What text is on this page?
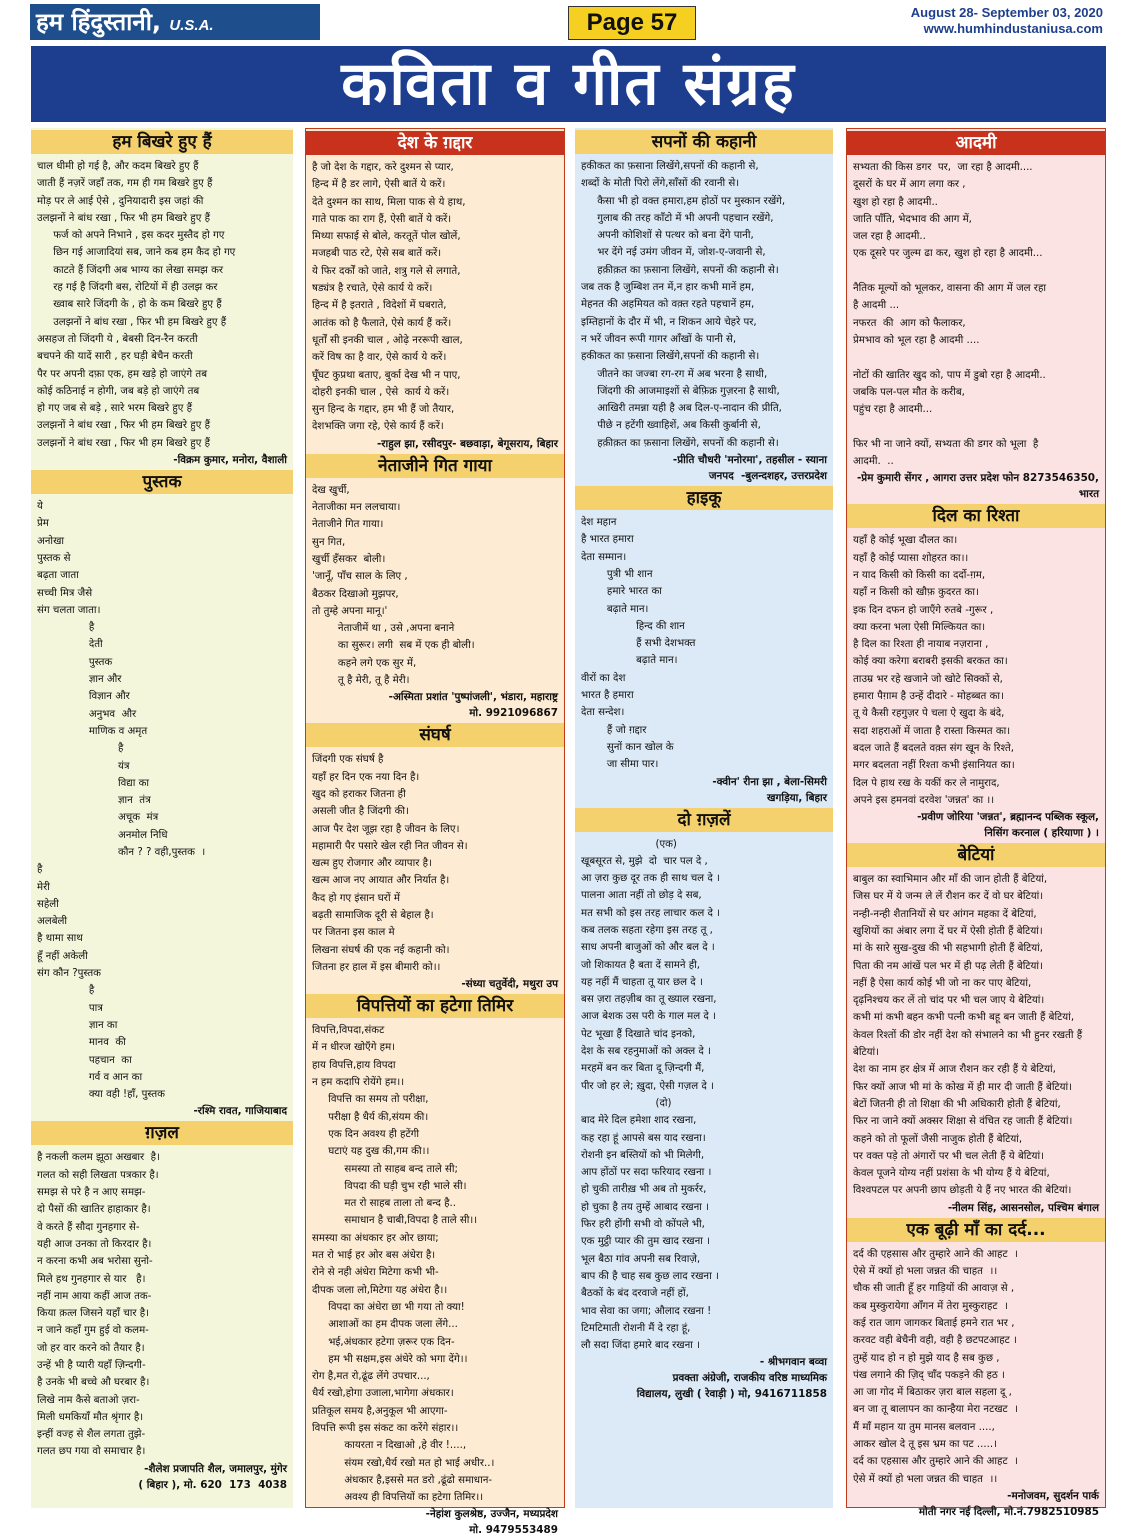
हम हिंदुस्तानी, U.S.A.	Page 57	August 28- September 03, 2020
www.humhindustaniusa.com
कविता व गीत संग्रह
हम बिखरे हुए हैं

चाल धीमी हो गई है, और कदम बिखरे हुए हैं
जाती हैं नज़रें जहाँ तक, गम ही गम बिखरे हुए हैं
मोड़ पर ले आई ऐसे , दुनियादारी इस जहां की
उलझनों ने बांध रखा , फिर भी हम बिखरे हुए हैं
फर्ज को अपने निभाने , इस कदर मुस्तैद हो गए
छिन गई आजादियां सब, जाने कब हम कैद हो गए
काटते हैं जिंदगी अब भाग्य का लेखा समझ कर
रह गई है जिंदगी बस, रोटियों में ही उलझ कर
ख्वाब सारे जिंदगी के , हो के कम बिखरे हुए हैं
उलझनों ने बांध रखा , फिर भी हम बिखरे हुए हैं
असहज तो जिंदगी ये , बेबसी दिन-रैन करती
बचपने की यादें सारी , हर घड़ी बेचैन करती
पैर पर अपनी दफ़ा एक, हम खड़े हो जाएंगे तब
कोई कठिनाई न होगी, जब बड़े हो जाएंगे तब
हो गए जब से बड़े , सारे भरम बिखरे हुए हैं
उलझनों ने बांध रखा , फिर भी हम बिखरे हुए हैं
उलझनों ने बांध रखा , फिर भी हम बिखरे हुए हैं

-विक्रम कुमार, मनोरा, वैशाली

पुस्तक

ये
प्रेम
अनोखा
पुस्तक से
बढ़ता जाता
सच्ची मित्र जैसे
संग चलता जाता।
है
देती
पुस्तक
ज्ञान और
विज्ञान और
अनुभव  और
माणिक व अमृत
है
यंत्र
विद्या का
ज्ञान  तंत्र
अचूक  मंत्र
अनमोल निधि
कौन ? ? वही,पुस्तक  ।
है
मेरी
सहेली
अलबेली
है थामा साथ
हूँ नहीं अकेली
संग कौन ?पुस्तक
है
पात्र
ज्ञान का
मानव  की
पहचान  का
गर्व व आन का
क्या वही !हाँ, पुस्तक

-रश्मि रावत, गाजियाबाद

ग़ज़ल

है नकली कलम झूठा अखबार  है।
गलत को सही लिखता पत्रकार है।
समझ से परे है न आए समझ-
दो पैसों की खातिर हाहाकार है।
वे करते हैं सौदा गुनहगार से-
यही आज उनका तो किरदार है।
न करना कभी अब भरोसा सुनो-
मिले हथ गुनहगार से यार   है।
नहीं नाम आया कहीं आज तक-
किया क़त्ल जिसने यहाँ चार है।
न जाने कहाँ गुम हुई वो कलम-
जो हर वार करने को तैयार है।
उन्हें भी है प्यारी यहाँ ज़िन्दगी-
है उनके भी बच्चे औ घरबार है।
लिखे नाम कैसे बताओ ज़रा-
मिली धमकियाँ मौत श्रृंगार है।
इन्हीं वज्ह से शैल लगता तुझे-
गलत छप गया वो समाचार है।

-शैलेश प्रजापति शैल, जमालपुर, मुंगेर
( बिहार ), मो. 620  173  4038

देश के ग़द्दार

है जो देश के गद्दार, करे दुश्मन से प्यार,
हिन्द में है डर लागे, ऐसी बातें ये करें।
देते दुश्मन का साथ, मिला पाक से ये हाथ,
गाते पाक का राग हैं, ऐसी बातें ये करें।
मिथ्या सफाई से बोले, करतूतें पोल खोलें,
मजहबी पाठ रटे, ऐसे सब बातें करें।
ये फिर दर्कों को जाते, शत्रु गले से लगाते,
षड्यंत्र है रचाते, ऐसे कार्य ये करें।
हिन्द में है इतराते , विदेशों में घबराते,
आतंक को है फैलाते, ऐसे कार्य हैं करें।
धूर्तों सी इनकी चाल , ओढ़े नररूपी खाल,
करें विष का है वार, ऐसे कार्य ये करें।
घूँघट कुप्रथा बताए, बुर्का देख भी न पाए,
दोहरी इनकी चाल , ऐसे  कार्य ये करें।
सुन हिन्द के गद्दार, हम भी हैं जो तैयार,
देशभक्ति जगा रहे, ऐसे कार्य हैं करें।

-राहुल झा, रसीदपुर- बछवाड़ा, बेगूसराय, बिहार

नेताजीने गित गाया

देख खुर्ची,
नेताजीका मन ललचाया।
नेताजीने गित गाया।
सुन गित,
खुर्ची हँसकर  बोली।
'जानूँ, पाँच साल के लिए ,
बैठकर दिखाओ मुझपर,
तो तुम्हे अपना मानू।'
नेताजीमें था , उसे ,अपना बनाने
का सुरूर। लगी  सब में एक ही बोली।
कहने लगे एक सुर में,
तू है मेरी, तू है मेरी।

-अस्मिता प्रशांत 'पुष्पांजली', भंडारा, महाराष्ट्र
मो. 9921096867

संघर्ष

जिंदगी एक संघर्ष है
यहाँ हर दिन एक नया दिन है।
खुद को हराकर जितना ही
असली जीत है जिंदगी की।
आज पैर देश जूझ रहा है जीवन के लिए।
महामारी पैर पसारे खेल रही नित जीवन से।
खत्म हुए रोजगार और व्यापार है।
खत्म आज नए आयात और निर्यात है।
कैद हो गए इंसान घरों में
बढ़ती सामाजिक दूरी से बेहाल है।
पर जितना इस काल मे
लिखना संघर्ष की एक नई कहानी को।
जितना हर हाल में इस बीमारी को।।

-संध्या चतुर्वेदी, मथुरा उप

विपत्तियों का हटेगा तिमिर

विपत्ति,विपदा,संकट
में न धीरज खोएँगे हम।
हाय विपत्ति,हाय विपदा
न हम कदापि रोयेंगे हम।।
विपत्ति का समय तो परीक्षा,
परीक्षा है धैर्य की,संयम की।
एक दिन अवश्य ही हटेंगी
घटाएं यह दुख की,गम की।।
समस्या तो साहब बन्द ताले सी;
विपदा की घड़ी चुभ रही भाले सी।
मत रो साहब ताला तो बन्द है..
समाधान है चाबी,विपदा है ताले सी।।
समस्या का अंधकार हर ओर छाया;
मत रो भाई हर ओर बस अंधेरा है।
रोने से नही अंधेरा मिटेगा कभी भी-
दीपक जला लो,मिटेगा यह अंधेरा है।।
विपदा का अंधेरा छा भी गया तो क्या!
आशाओं का हम दीपक जला लेंगे...
भई,अंधकार हटेगा ज़रूर एक दिन-
हम भी सक्षम,इस अंधेरे को भगा देंगे।।
रोग है,मत रो,ढूंढ लेंगे उपचार...,
धैर्य रखो,होगा उजाला,भागेगा अंधकार।
प्रतिकूल समय है,अनुकूल भी आएगा-
विपत्ति रूपी इस संकट का करेंगे संहार।।
कायरता न दिखाओ ,हे वीर !....,
संयम रखो,धैर्य रखो मत हो भाई अधीर..।
अंधकार है,इससे मत डरो ,ढूंढो समाधान-
अवश्य ही विपत्तियों का हटेगा तिमिर।।

-नेहांश कुलश्रेष्ठ, उज्जैन, मध्यप्रदेश
मो. 9479553489

सपनों की कहानी

हकीकत का फ़साना लिखेंगे,सपनों की कहानी से,
शब्दों के मोती पिरो लेंगे,साँसों की रवानी से।
कैसा भी हो वक्त हमारा,हम होठों पर मुस्कान रखेंगे,
गुलाब की तरह काँटो में भी अपनी पहचान रखेंगे,
अपनी कोशिशों से पत्थर को बना देंगे पानी,
भर देंगे नई उमंग जीवन में, जोश-ए-जवानी से,
हक़ीक़त का फ़साना लिखेंगे, सपनों की कहानी से।
जब तक है जुम्बिश तन में,न हार कभी मानें हम,
मेहनत की अहमियत को वक़्त रहते पहचानें हम,
इम्तिहानों के दौर में भी, न शिकन आये चेहरे पर,
न भरें जीवन रूपी गागर आँखों के पानी से,
हकीकत का फ़साना लिखेंगे,सपनों की कहानी से।
जीतने का जज्बा रग-रग में अब भरना है साथी,
जिंदगी की आजमाइशों से बेफ़िक्र गुज़रना है साथी,
आखिरी तमन्ना यही है अब दिल-ए-नादान की प्रीति,
पीछे न हटेंगी ख्वाहिशें, अब किसी कुर्बानी से,
हक़ीक़त का फ़साना लिखेंगे, सपनों की कहानी से।

-प्रीति चौधरी 'मनोरमा', तहसील - स्याना
जनपद  -बुलन्दशहर, उत्तरप्रदेश

हाइकू

देश महान
है भारत हमारा
देता सम्मान।
पुत्री भी शान
हमारे भारत का
बढ़ाते मान।
हिन्द की शान
हैं सभी देशभक्त
बढ़ाते मान।
वीरों का देश
भारत है हमारा
देता सन्देश।
हैं जो ग़द्दार
सुनों कान खोल के
जा सीमा पार।

-क्वीन' रीना झा , बेला-सिमरी
खगड़िया, बिहार

दो ग़ज़लें

(एक)
खूबसूरत से, मुझे  दो  चार पल दे ,
आ ज़रा कुछ दूर तक ही साथ चल दे ।
पालना आता नहीं तो छोड़ दे सब,
मत सभी को इस तरह लाचार कल दे ।
कब तलक सहता रहेगा इस तरह तू ,
साध अपनी बाजुओं को और बल दे ।
जो शिकायत है बता दें सामने ही,
यह नहीं मैं चाहता तू यार छल दे ।
बस ज़रा तहज़ीब का तू ख्याल रखना,
आज बेशक उस परी के गाल मल दे ।
पेट भूखा हैं दिखाते चांद इनको,
देश के सब रहनुमाओं को अक्ल दे ।
मरहमें बन कर बिता दू ज़िन्दगी मैं,
पीर जो हर ले; ख़ुदा, ऐसी गज़ल दे ।
(दो)
बाद मेरे दिल हमेशा शाद रखना,
कह रहा हूं आपसे बस याद रखना।
रोशनी इन बस्तियों को भी मिलेगी,
आप होंठों पर सदा फरियाद रखना ।
हो चुकी तारीख़ भी अब तो मुकर्रर,
हो चुका है तय तुम्हें आबाद रखना ।
फिर हरी होंगी सभी वो कोंपले भी,
एक मुट्ठी प्यार की तुम खाद रखना ।
भूल बैठा गांव अपनी सब रिवाज़े,
बाप की है चाह सब कुछ लाद रखना ।
बैठकों के बंद दरवाजे नहीं हों,
भाव सेवा का जगा; औलाद रखना !
टिमटिमाती रोशनी मैं दे रहा हूं,
लौ सदा जिंदा हमारे बाद रखना ।

- श्रीभगवान बव्वा
प्रवक्ता अंग्रेजी, राजकीय वरिष्ठ माध्यमिक
विद्यालय, लुखी ( रेवाड़ी ) मो, 9416711858

आदमी

सभ्यता की किस डगर  पर,  जा रहा है आदमी....
दूसरों के घर में आग लगा कर ,
खुश हो रहा है आदमी..
जाति पाँति, भेदभाव की आग में,
जल रहा है आदमी..
एक दूसरे पर जुल्म ढा कर, खुश हो रहा है आदमी...

नैतिक मूल्यों को भूलकर, वासना की आग में जल रहा
है आदमी ...
नफरत  की  आग को फैलाकर,
प्रेमभाव को भूल रहा है आदमी ....

नोटों की खातिर खुद को, पाप में डुबो रहा है आदमी..
जबकि पल-पल मौत के करीब,
पहुंच रहा है आदमी...

फिर भी ना जाने क्यों, सभ्यता की डगर को भूला  है
आदमी.  ..

-प्रेम कुमारी सेंगर , आगरा उत्तर प्रदेश फोन 8273546350, भारत

दिल का रिश्ता

यहाँ है कोई भूखा दौलत का।
यहाँ है कोई प्यासा शोहरत का।।
न याद किसी को किसी का दर्दो-ग़म,
यहाँ न किसी को खौफ़ कुदरत का।
इक दिन दफन हो जाएँगे रुतबे -गुरूर ,
क्या करना भला ऐसी मिल्कियत का।
है दिल का रिश्ता ही नायाब नज़राना ,
कोई क्या करेगा बराबरी इसकी बरकत का।
ताउम्र भर रहे खजाने जो खोटे सिक्कों से,
हमारा पैग़ाम है उन्हें दीदारे - मोहब्बत का।
तू ये कैसी रहगुज़र पे चला ऐ खुदा के बंदे,
सदा शहराओं में जाता है रास्ता किस्मत का।
बदल जाते हैं बदलते वक़्त संग खून के रिश्ते,
मगर बदलता नहीं रिश्ता कभी इंसानियत का।
दिल पे हाथ रख के यकीं कर ले नामुराद,
अपने इस हमनवां दरवेश 'जन्नत' का ।।

-प्रवीण जोरिया 'जन्नत', ब्रह्मानन्द पब्लिक स्कूल,
निसिंग करनाल ( हरियाणा ) ।

बेटियां

बाबुल का स्वाभिमान और माँ की जान होती हैं बेटियां,
जिस घर में ये जन्म ले लें रौशन कर दें वो घर बेटियां।
नन्ही-नन्ही शैतानियों से घर आंगन महका दें बेटियां,
खुशियों का अंबार लगा दें घर में ऐसी होती हैं बेटियां।
मां के सारे सुख-दुख की भी सहभागी होती हैं बेटियां,
पिता की नम आंखें पल भर में ही पढ़ लेती हैं बेटियां।
नहीं है ऐसा कार्य कोई भी जो ना कर पाए बेटियां,
दृढ़निश्चय कर लें तो चांद पर भी चल जाए ये बेटियां।
कभी मां कभी बहन कभी पत्नी कभी बहू बन जाती हैं बेटियां,
केवल रिश्तों की डोर नहीं देश को संभालने का भी हुनर रखती हैं बेटियां।
देश का नाम हर क्षेत्र में आज रौशन कर रही हैं ये बेटियां,
फिर क्यों आज भी मां के कोख में ही मार दी जाती हैं बेटियां।
बेटों जितनी ही तो शिक्षा की भी अधिकारी होती हैं बेटियां,
फिर ना जाने क्यों अक्सर शिक्षा से वंचित रह जाती हैं बेटियां।
कहने को तो फूलों जैसी नाजुक होती हैं बेटियां,
पर वक्त पड़े तो अंगारों पर भी चल लेती हैं ये बेटियां।
केवल पूजने योग्य नहीं प्रशंसा के भी योग्य हैं ये बेटियां,
विश्वपटल पर अपनी छाप छोड़ती ये हैं नए भारत की बेटियां।

-नीलम सिंह, आसनसोल, पश्चिम बंगाल

एक बूढ़ी माँ का दर्द...

दर्द की एहसास और तुम्हारे आने की आहट  ।
ऐसे में क्यों हो भला जन्नत की चाहत  ।।
चौक सी जाती हूँ हर गाड़ियों की आवाज़ से ,
कब मुस्कुरायेगा आँगन में तेरा मुस्कुराहट  ।
कई रात जाग जागकर बिताई हमने रात भर ,
करवट वही बेचैनी वही, वही है छटपटआहट ।
तुम्हें याद हो न हो मुझे याद है सब कुछ ,
पंख लगाने की ज़िद् चाँद पकड़ने की हठ ।
आ जा गोद में बिठाकर ज़रा बाल सहला दू ,
बन जा तू बालापन का कान्हैया मेरा नटखट  ।
मैं माँ महान या तुम मानस बलवान ....,
आकर खोल दे तू इस भ्रम का पट .....।
दर्द का एहसास और तुम्हारे आने की आहट  ।
ऐसे में क्यों हो भला जन्नत की चाहत  ।।

-मनोजवम, सुदर्शन पार्क
मोती नगर नई दिल्ली, मो.नं.7982510985
